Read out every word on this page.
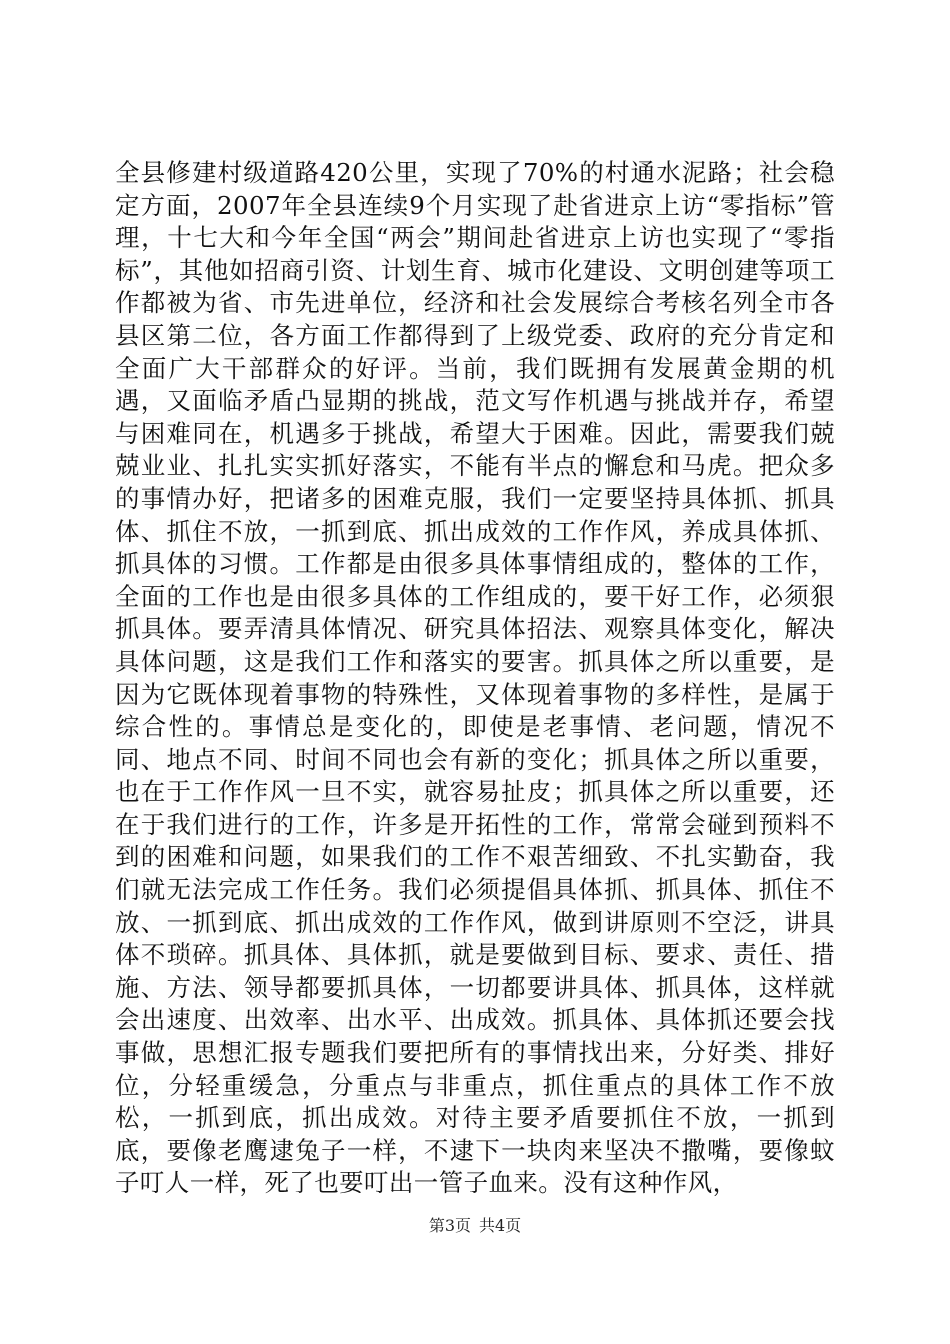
全县修建村级道路420公里，实现了70%的村通水泥路；社会稳定方面，2007年全县连续9个月实现了赴省进京上访“零指标”管理，十七大和今年全国“两会”期间赴省进京上访也实现了“零指标”，其他如招商引资、计划生育、城市化建设、文明创建等项工作都被为省、市先进单位，经济和社会发展综合考核名列全市各县区第二位，各方面工作都得到了上级党委、政府的充分肯定和全面广大干部群众的好评。当前，我们既拥有发展黄金期的机遇，又面临矛盾凸显期的挑战，范文写作机遇与挑战并存，希望与困难同在，机遇多于挑战，希望大于困难。因此，需要我们兢兢业业、扎扎实实抓好落实，不能有半点的懈怠和马虎。把众多的事情办好，把诸多的困难克服，我们一定要坚持具体抓、抓具体、抓住不放，一抓到底、抓出成效的工作作风，养成具体抓、抓具体的习惯。工作都是由很多具体事情组成的，整体的工作，全面的工作也是由很多具体的工作组成的，要干好工作，必须狠抓具体。要弄清具体情况、研究具体招法、观察具体变化，解决具体问题，这是我们工作和落实的要害。抓具体之所以重要，是因为它既体现着事物的特殊性，又体现着事物的多样性，是属于综合性的。事情总是变化的，即使是老事情、老问题，情况不同、地点不同、时间不同也会有新的变化；抓具体之所以重要，也在于工作作风一旦不实，就容易扯皮；抓具体之所以重要，还在于我们进行的工作，许多是开拓性的工作，常常会碰到预料不到的困难和问题，如果我们的工作不艰苦细致、不扎实勤奋，我们就无法完成工作任务。我们必须提倡具体抓、抓具体、抓住不放、一抓到底、抓出成效的工作作风，做到讲原则不空泛，讲具体不琐碎。抓具体、具体抓，就是要做到目标、要求、责任、措施、方法、领导都要抓具体，一切都要讲具体、抓具体，这样就会出速度、出效率、出水平、出成效。抓具体、具体抓还要会找事做，思想汇报专题我们要把所有的事情找出来，分好类、排好位，分轻重缓急，分重点与非重点，抓住重点的具体工作不放松，一抓到底，抓出成效。对待主要矛盾要抓住不放，一抓到底，要像老鹰逮兔子一样，不逮下一块肉来坚决不撒嘴，要像蚊子叮人一样，死了也要叮出一管子血来。没有这种作风，

第3页 共4页
